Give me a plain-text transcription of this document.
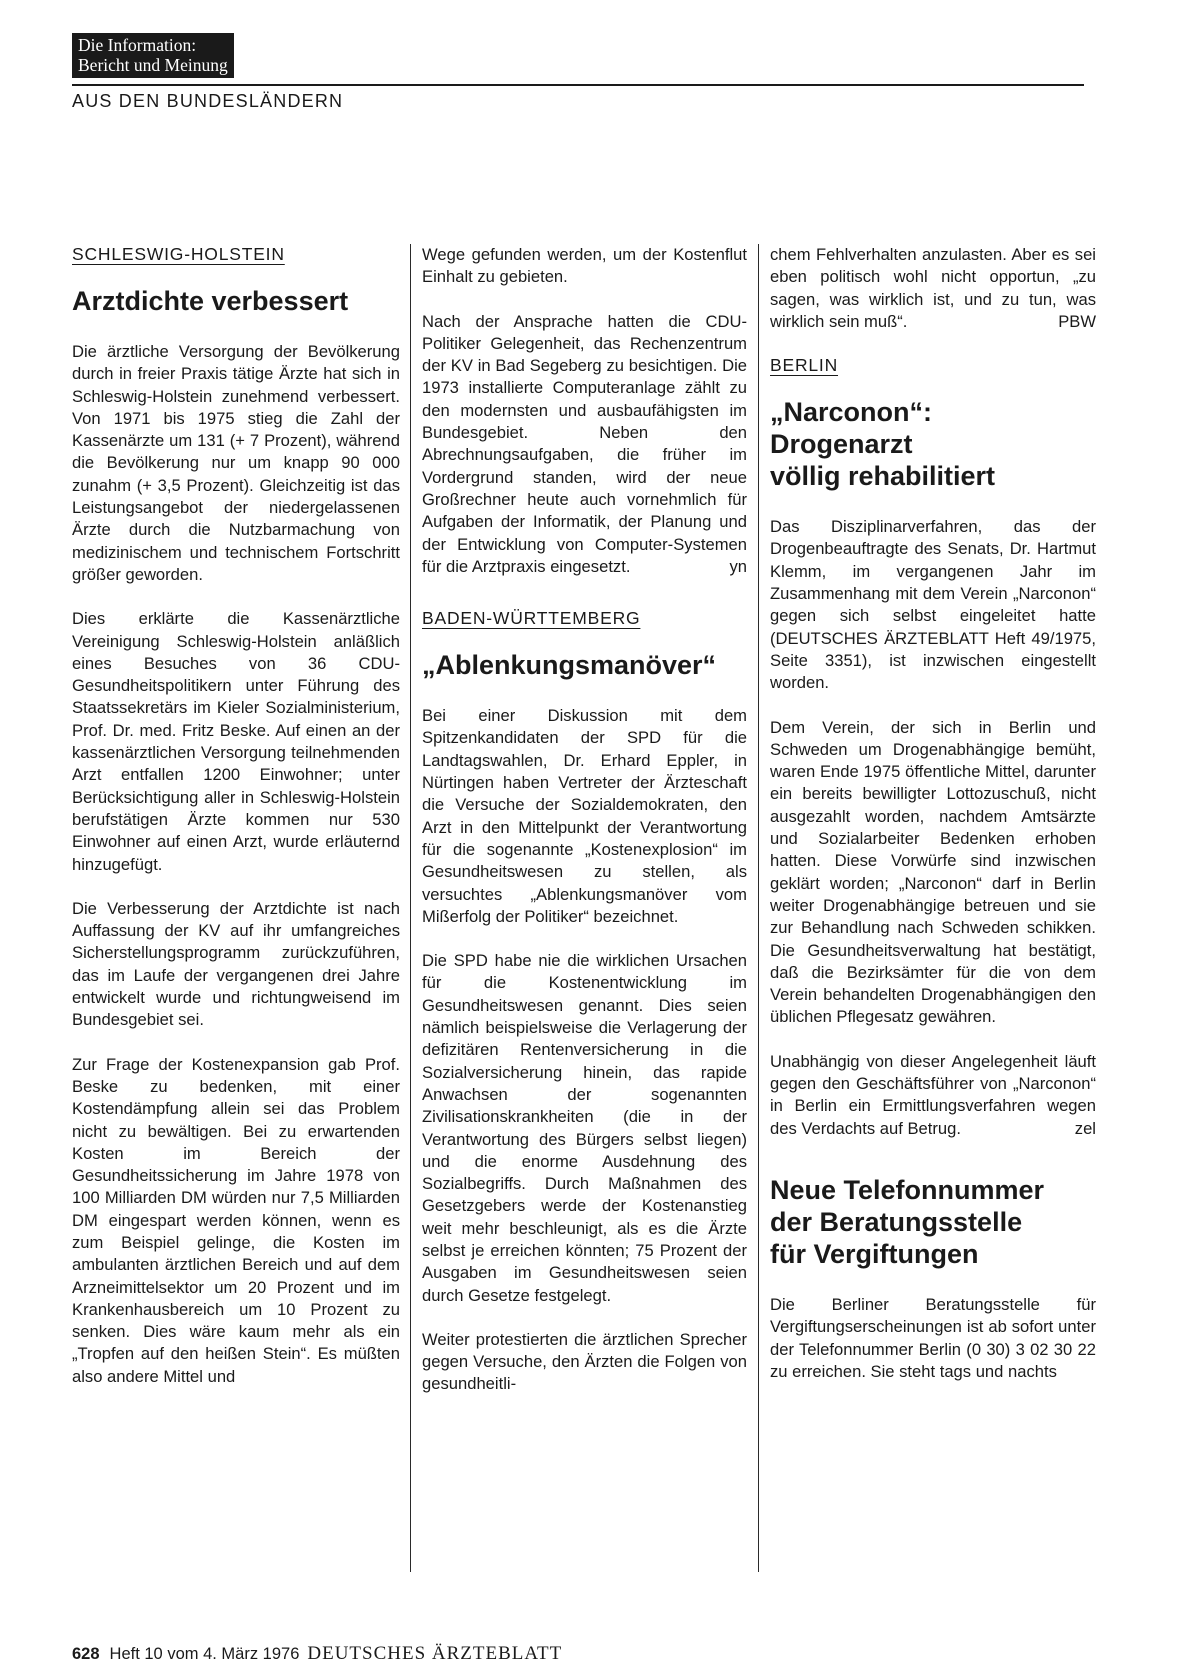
Die Information:
Bericht und Meinung
AUS DEN BUNDESLÄNDERN
SCHLESWIG-HOLSTEIN
Arztdichte verbessert

Die ärztliche Versorgung der Bevölkerung durch in freier Praxis tätige Ärzte hat sich in Schleswig-Holstein zunehmend verbessert. Von 1971 bis 1975 stieg die Zahl der Kassenärzte um 131 (+ 7 Prozent), während die Bevölkerung nur um knapp 90 000 zunahm (+ 3,5 Prozent). Gleichzeitig ist das Leistungsangebot der niedergelassenen Ärzte durch die Nutzbarmachung von medizinischem und technischem Fortschritt größer geworden.

Dies erklärte die Kassenärztliche Vereinigung Schleswig-Holstein anläßlich eines Besuches von 36 CDU-Gesundheitspolitikern unter Führung des Staatssekretärs im Kieler Sozialministerium, Prof. Dr. med. Fritz Beske. Auf einen an der kassenärztlichen Versorgung teilnehmenden Arzt entfallen 1200 Einwohner; unter Berücksichtigung aller in Schleswig-Holstein berufstätigen Ärzte kommen nur 530 Einwohner auf einen Arzt, wurde erläuternd hinzugefügt.

Die Verbesserung der Arztdichte ist nach Auffassung der KV auf ihr umfangreiches Sicherstellungsprogramm zurückzuführen, das im Laufe der vergangenen drei Jahre entwickelt wurde und richtungweisend im Bundesgebiet sei.

Zur Frage der Kostenexpansion gab Prof. Beske zu bedenken, mit einer Kostendämpfung allein sei das Problem nicht zu bewältigen. Bei zu erwartenden Kosten im Bereich der Gesundheitssicherung im Jahre 1978 von 100 Milliarden DM würden nur 7,5 Milliarden DM eingespart werden können, wenn es zum Beispiel gelinge, die Kosten im ambulanten ärztlichen Bereich und auf dem Arzneimittelsektor um 20 Prozent und im Krankenhausbereich um 10 Prozent zu senken. Dies wäre kaum mehr als ein „Tropfen auf den heißen Stein“. Es müßten also andere Mittel und

Wege gefunden werden, um der Kostenflut Einhalt zu gebieten.

Nach der Ansprache hatten die CDU-Politiker Gelegenheit, das Rechenzentrum der KV in Bad Segeberg zu besichtigen. Die 1973 installierte Computeranlage zählt zu den modernsten und ausbaufähigsten im Bundesgebiet. Neben den Abrechnungsaufgaben, die früher im Vordergrund standen, wird der neue Großrechner heute auch vornehmlich für Aufgaben der Informatik, der Planung und der Entwicklung von Computer-Systemen für die Arztpraxis eingesetzt.	yn

BADEN-WÜRTTEMBERG
„Ablenkungsmanöver“

Bei einer Diskussion mit dem Spitzenkandidaten der SPD für die Landtagswahlen, Dr. Erhard Eppler, in Nürtingen haben Vertreter der Ärzteschaft die Versuche der Sozialdemokraten, den Arzt in den Mittelpunkt der Verantwortung für die sogenannte „Kostenexplosion“ im Gesundheitswesen zu stellen, als versuchtes „Ablenkungsmanöver vom Mißerfolg der Politiker“ bezeichnet.

Die SPD habe nie die wirklichen Ursachen für die Kostenentwicklung im Gesundheitswesen genannt. Dies seien nämlich beispielsweise die Verlagerung der defizitären Rentenversicherung in die Sozialversicherung hinein, das rapide Anwachsen der sogenannten Zivilisationskrankheiten (die in der Verantwortung des Bürgers selbst liegen) und die enorme Ausdehnung des Sozialbegriffs. Durch Maßnahmen des Gesetzgebers werde der Kostenanstieg weit mehr beschleunigt, als es die Ärzte selbst je erreichen könnten; 75 Prozent der Ausgaben im Gesundheitswesen seien durch Gesetze festgelegt.

Weiter protestierten die ärztlichen Sprecher gegen Versuche, den Ärzten die Folgen von gesundheitli-

chem Fehlverhalten anzulasten. Aber es sei eben politisch wohl nicht opportun, „zu sagen, was wirklich ist, und zu tun, was wirklich sein muß“.	PBW

BERLIN
„Narconon“:
Drogenarzt
völlig rehabilitiert

Das Disziplinarverfahren, das der Drogenbeauftragte des Senats, Dr. Hartmut Klemm, im vergangenen Jahr im Zusammenhang mit dem Verein „Narconon“ gegen sich selbst eingeleitet hatte (DEUTSCHES ÄRZTEBLATT Heft 49/1975, Seite 3351), ist inzwischen eingestellt worden.

Dem Verein, der sich in Berlin und Schweden um Drogenabhängige bemüht, waren Ende 1975 öffentliche Mittel, darunter ein bereits bewilligter Lottozuschuß, nicht ausgezahlt worden, nachdem Amtsärzte und Sozialarbeiter Bedenken erhoben hatten. Diese Vorwürfe sind inzwischen geklärt worden; „Narconon“ darf in Berlin weiter Drogenabhängige betreuen und sie zur Behandlung nach Schweden schikken. Die Gesundheitsverwaltung hat bestätigt, daß die Bezirksämter für die von dem Verein behandelten Drogenabhängigen den üblichen Pflegesatz gewähren.

Unabhängig von dieser Angelegenheit läuft gegen den Geschäftsführer von „Narconon“ in Berlin ein Ermittlungsverfahren wegen des Verdachts auf Betrug.	zel

Neue Telefonnummer
der Beratungsstelle
für Vergiftungen

Die Berliner Beratungsstelle für Vergiftungserscheinungen ist ab sofort unter der Telefonnummer Berlin (0 30) 3 02 30 22 zu erreichen. Sie steht tags und nachts

628 Heft 10 vom 4. März 1976 DEUTSCHES ÄRZTEBLATT
